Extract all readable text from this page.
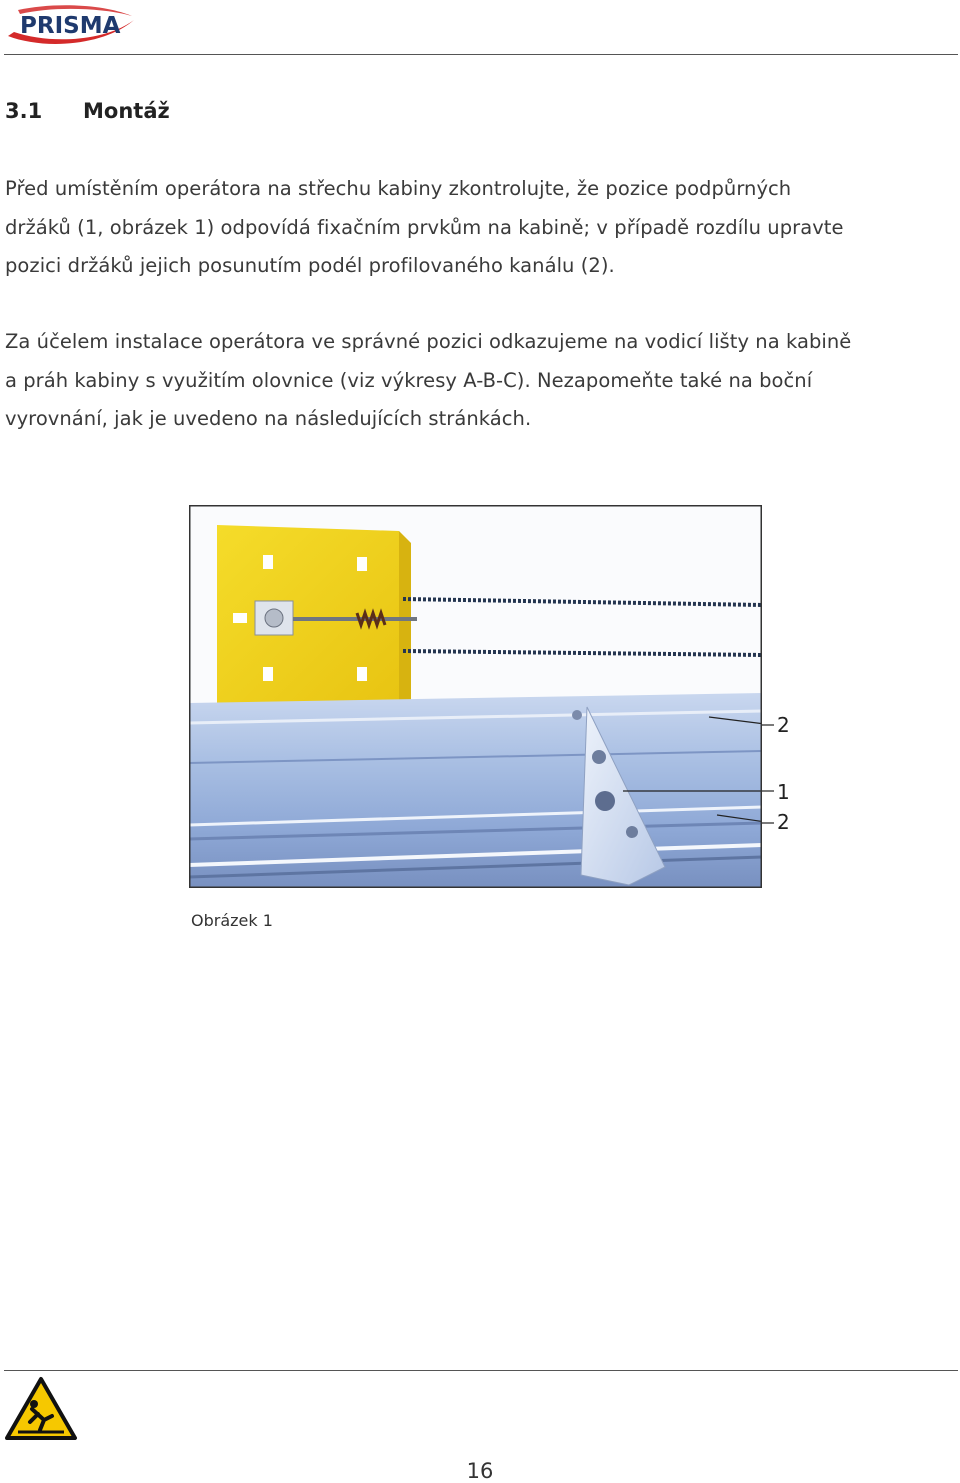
PRISMA
3.1 Montáž

Před umístěním operátora na střechu kabiny zkontrolujte, že pozice podpůrných
držáků (1, obrázek 1) odpovídá fixačním prvkům na kabině; v případě rozdílu upravte
pozici držáků jejich posunutím podél profilovaného kanálu (2).

Za účelem instalace operátora ve správné pozici odkazujeme na vodicí lišty na kabině
a práh kabiny s využitím olovnice (viz výkresy A-B-C). Nezapomeňte také na boční
vyrovnání, jak je uvedeno na následujících stránkách.

2
1
2
Obrázek 1
16
